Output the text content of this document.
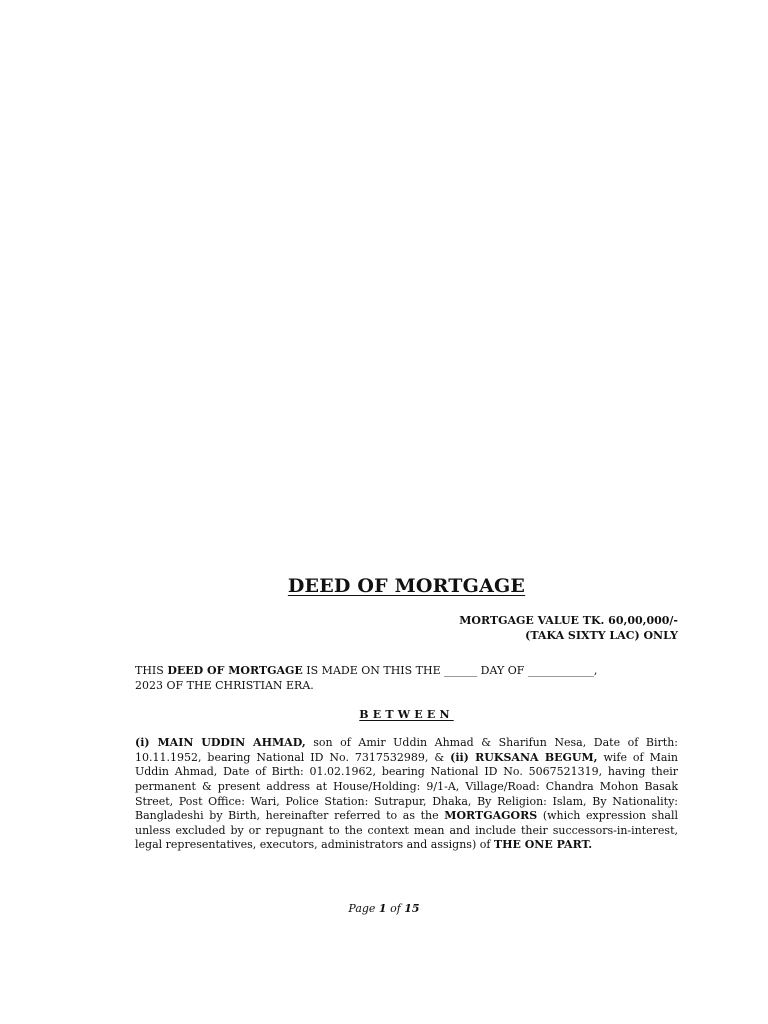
DEED OF MORTGAGE
MORTGAGE VALUE TK. 60,00,000/-
(TAKA SIXTY LAC) ONLY

THIS DEED OF MORTGAGE IS MADE ON THIS THE ______ DAY OF ____________,
2023 OF THE CHRISTIAN ERA.

BETWEEN

(i) MAIN UDDIN AHMAD, son of Amir Uddin Ahmad & Sharifun Nesa, Date of Birth: 10.11.1952, bearing National ID No. 7317532989, & (ii) RUKSANA BEGUM, wife of Main Uddin Ahmad, Date of Birth: 01.02.1962, bearing National ID No. 5067521319, having their permanent & present address at House/Holding: 9/1-A, Village/Road: Chandra Mohon Basak Street, Post Office: Wari, Police Station: Sutrapur, Dhaka, By Religion: Islam, By Nationality: Bangladeshi by Birth, hereinafter referred to as the MORTGAGORS (which expression shall unless excluded by or repugnant to the context mean and include their successors-in-interest, legal representatives, executors, administrators and assigns) of THE ONE PART.

Page 1 of 15
